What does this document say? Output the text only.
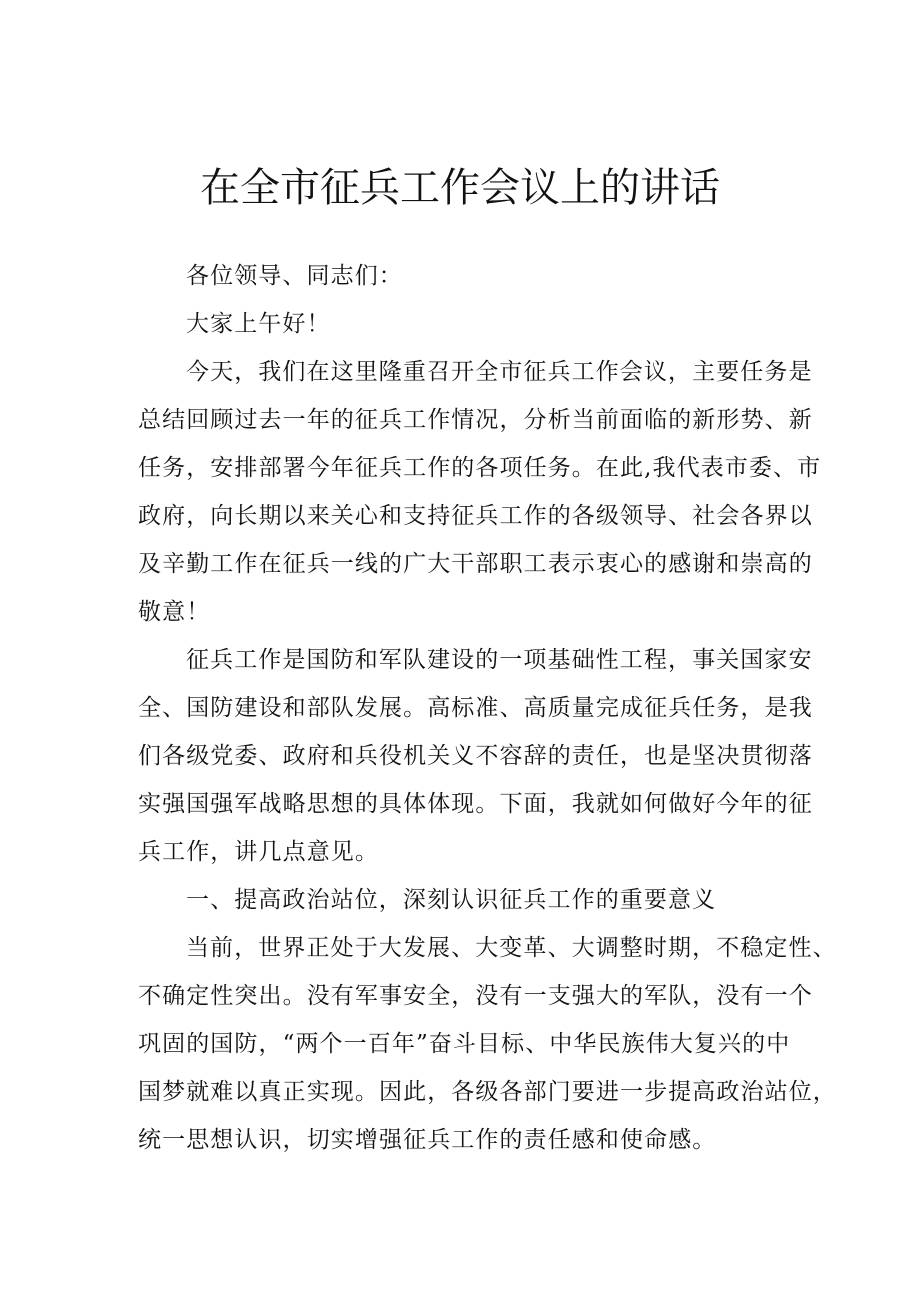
在全市征兵工作会议上的讲话
各位领导、同志们：
大家上午好！
今天，我们在这里隆重召开全市征兵工作会议，主要任务是
总结回顾过去一年的征兵工作情况，分析当前面临的新形势、新
任务，安排部署今年征兵工作的各项任务。在此,我代表市委、市
政府，向长期以来关心和支持征兵工作的各级领导、社会各界以
及辛勤工作在征兵一线的广大干部职工表示衷心的感谢和崇高的
敬意！
征兵工作是国防和军队建设的一项基础性工程，事关国家安
全、国防建设和部队发展。高标准、高质量完成征兵任务，是我
们各级党委、政府和兵役机关义不容辞的责任，也是坚决贯彻落
实强国强军战略思想的具体体现。下面，我就如何做好今年的征
兵工作，讲几点意见。
一、提高政治站位，深刻认识征兵工作的重要意义
当前，世界正处于大发展、大变革、大调整时期，不稳定性、
不确定性突出。没有军事安全，没有一支强大的军队，没有一个
巩固的国防，“两个一百年”奋斗目标、中华民族伟大复兴的中
国梦就难以真正实现。因此，各级各部门要进一步提高政治站位，
统一思想认识，切实增强征兵工作的责任感和使命感。
